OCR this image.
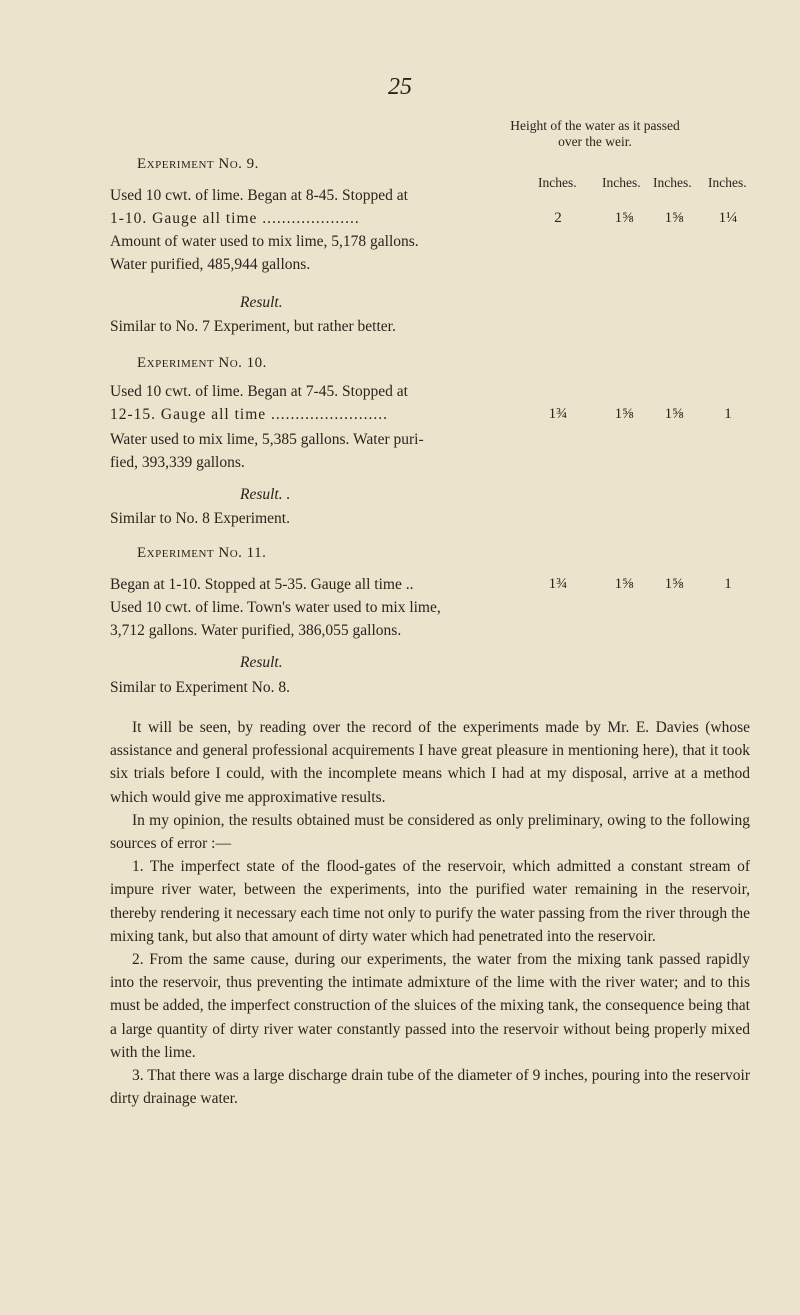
25
Height of the water as it passed
over the weir.
Inches. Inches. Inches. Inches.
Experiment No. 9.
Used 10 cwt. of lime. Began at 8-45. Stopped at
1-10. Gauge all time ....................	2	1⅝	1⅝	1¼
Amount of water used to mix lime, 5,178 gallons.
Water purified, 485,944 gallons.
Result.
Similar to No. 7 Experiment, but rather better.
Experiment No. 10.
Used 10 cwt. of lime. Began at 7-45. Stopped at
12-15. Gauge all time ........................	1¾	1⅝	1⅝	1
Water used to mix lime, 5,385 gallons. Water puri-
fied, 393,339 gallons.
Result. .
Similar to No. 8 Experiment.
Experiment No. 11.
Began at 1-10. Stopped at 5-35. Gauge all time ..	1¾	1⅝	1⅝	1
Used 10 cwt. of lime. Town's water used to mix lime,
3,712 gallons. Water purified, 386,055 gallons.
Result.
Similar to Experiment No. 8.

It will be seen, by reading over the record of the experiments made by Mr. E. Davies (whose assistance and general professional acquirements I have great pleasure in mentioning here), that it took six trials before I could, with the incomplete means which I had at my disposal, arrive at a method which would give me approximative results.

In my opinion, the results obtained must be considered as only preliminary, owing to the following sources of error :—

1. The imperfect state of the flood-gates of the reservoir, which admitted a constant stream of impure river water, between the experiments, into the purified water remaining in the reservoir, thereby rendering it necessary each time not only to purify the water passing from the river through the mixing tank, but also that amount of dirty water which had penetrated into the reservoir.

2. From the same cause, during our experiments, the water from the mixing tank passed rapidly into the reservoir, thus preventing the intimate admixture of the lime with the river water; and to this must be added, the imperfect construction of the sluices of the mixing tank, the consequence being that a large quantity of dirty river water constantly passed into the reservoir without being properly mixed with the lime.

3. That there was a large discharge drain tube of the diameter of 9 inches, pouring into the reservoir dirty drainage water.
